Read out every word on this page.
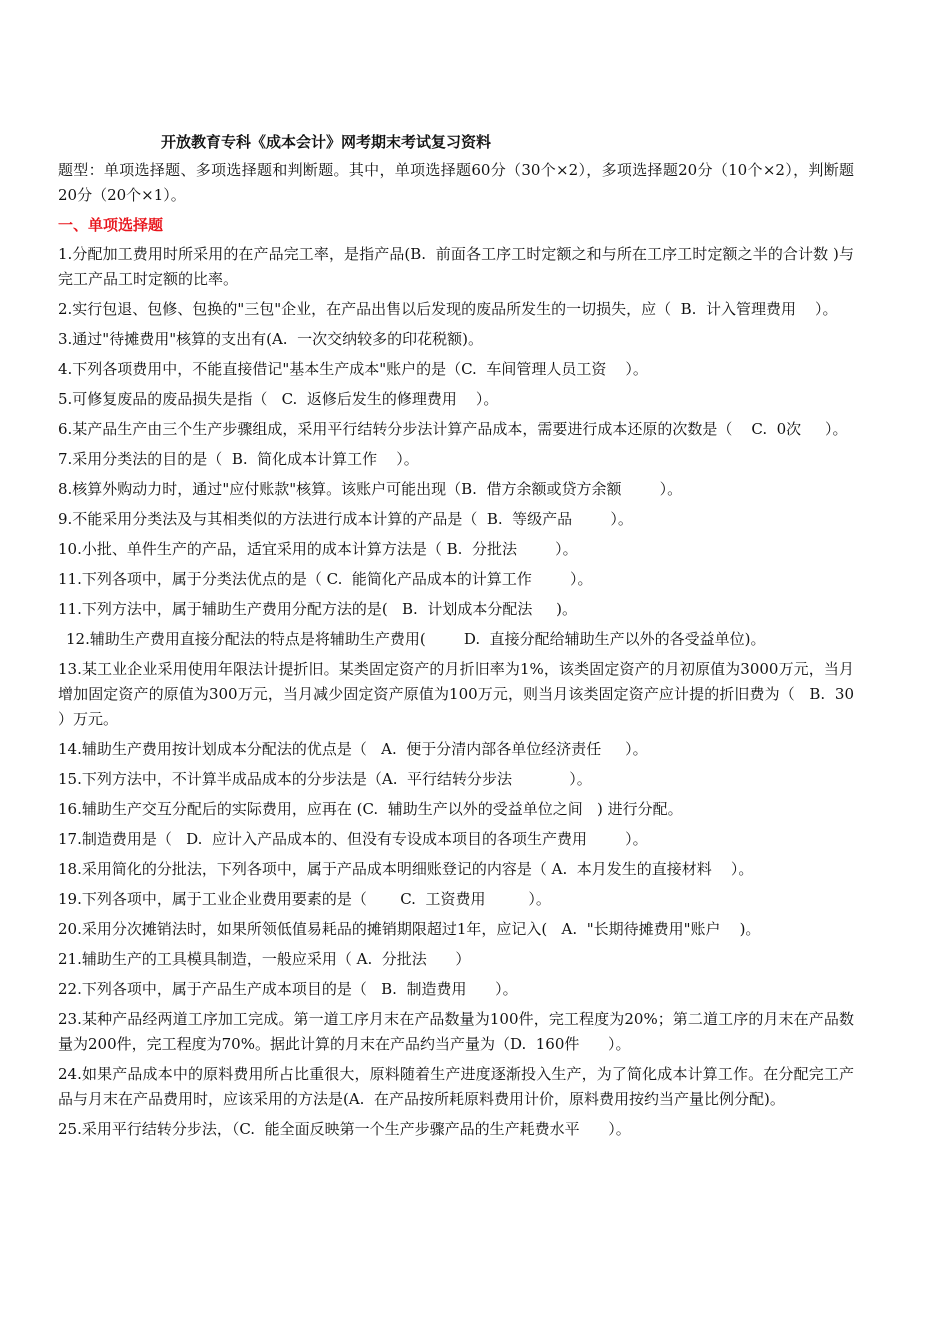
开放教育专科《成本会计》网考期末考试复习资料
题型：单项选择题、多项选择题和判断题。其中，单项选择题60分（30个×2），多项选择题20分（10个×2），判断题20分（20个×1）。
一、单项选择题
1.分配加工费用时所采用的在产品完工率，是指产品(B.  前面各工序工时定额之和与所在工序工时定额之半的合计数 )与完工产品工时定额的比率。
2.实行包退、包修、包换的"三包"企业，在产品出售以后发现的废品所发生的一切损失，应（  B.  计入管理费用    ）。
3.通过"待摊费用"核算的支出有(A.  一次交纳较多的印花税额)。
4.下列各项费用中，不能直接借记"基本生产成本"账户的是（C.  车间管理人员工资    ）。
5.可修复废品的废品损失是指（   C.  返修后发生的修理费用    ）。
6.某产品生产由三个生产步骤组成，采用平行结转分步法计算产品成本，需要进行成本还原的次数是（    C.  0次     ）。
7.采用分类法的目的是（  B.  简化成本计算工作    ）。
8.核算外购动力时，通过"应付账款"核算。该账户可能出现（B.  借方余额或贷方余额        ）。
9.不能采用分类法及与其相类似的方法进行成本计算的产品是（  B.  等级产品        ）。
10.小批、单件生产的产品，适宜采用的成本计算方法是（ B.  分批法        ）。
11.下列各项中，属于分类法优点的是（ C.  能简化产品成本的计算工作        ）。
11.下列方法中，属于辅助生产费用分配方法的是(   B.  计划成本分配法     )。
12.辅助生产费用直接分配法的特点是将辅助生产费用(        D.  直接分配给辅助生产以外的各受益单位)。
13.某工业企业采用使用年限法计提折旧。某类固定资产的月折旧率为1%，该类固定资产的月初原值为3000万元，当月增加固定资产的原值为300万元，当月减少固定资产原值为100万元，则当月该类固定资产应计提的折旧费为（   B.  30     ）万元。
14.辅助生产费用按计划成本分配法的优点是（   A.  便于分清内部各单位经济责任     ）。
15.下列方法中，不计算半成品成本的分步法是（A.  平行结转分步法            ）。
16.辅助生产交互分配后的实际费用，应再在 (C.  辅助生产以外的受益单位之间   ) 进行分配。
17.制造费用是（   D.  应计入产品成本的、但没有专设成本项目的各项生产费用        ）。
18.采用简化的分批法，下列各项中，属于产品成本明细账登记的内容是（ A.  本月发生的直接材料    ）。
19.下列各项中，属于工业企业费用要素的是（       C.  工资费用         ）。
20.采用分次摊销法时，如果所领低值易耗品的摊销期限超过1年，应记入(   A.  "长期待摊费用"账户    )。
21.辅助生产的工具模具制造，一般应采用（ A.  分批法      ）
22.下列各项中，属于产品生产成本项目的是（   B.  制造费用      ）。
23.某种产品经两道工序加工完成。第一道工序月末在产品数量为100件，完工程度为20%；第二道工序的月末在产品数量为200件，完工程度为70%。据此计算的月末在产品约当产量为（D.  160件      ）。
24.如果产品成本中的原料费用所占比重很大，原料随着生产进度逐渐投入生产，为了简化成本计算工作。在分配完工产品与月末在产品费用时，应该采用的方法是(A.  在产品按所耗原料费用计价，原料费用按约当产量比例分配)。
25.采用平行结转分步法，（C.  能全面反映第一个生产步骤产品的生产耗费水平      ）。
